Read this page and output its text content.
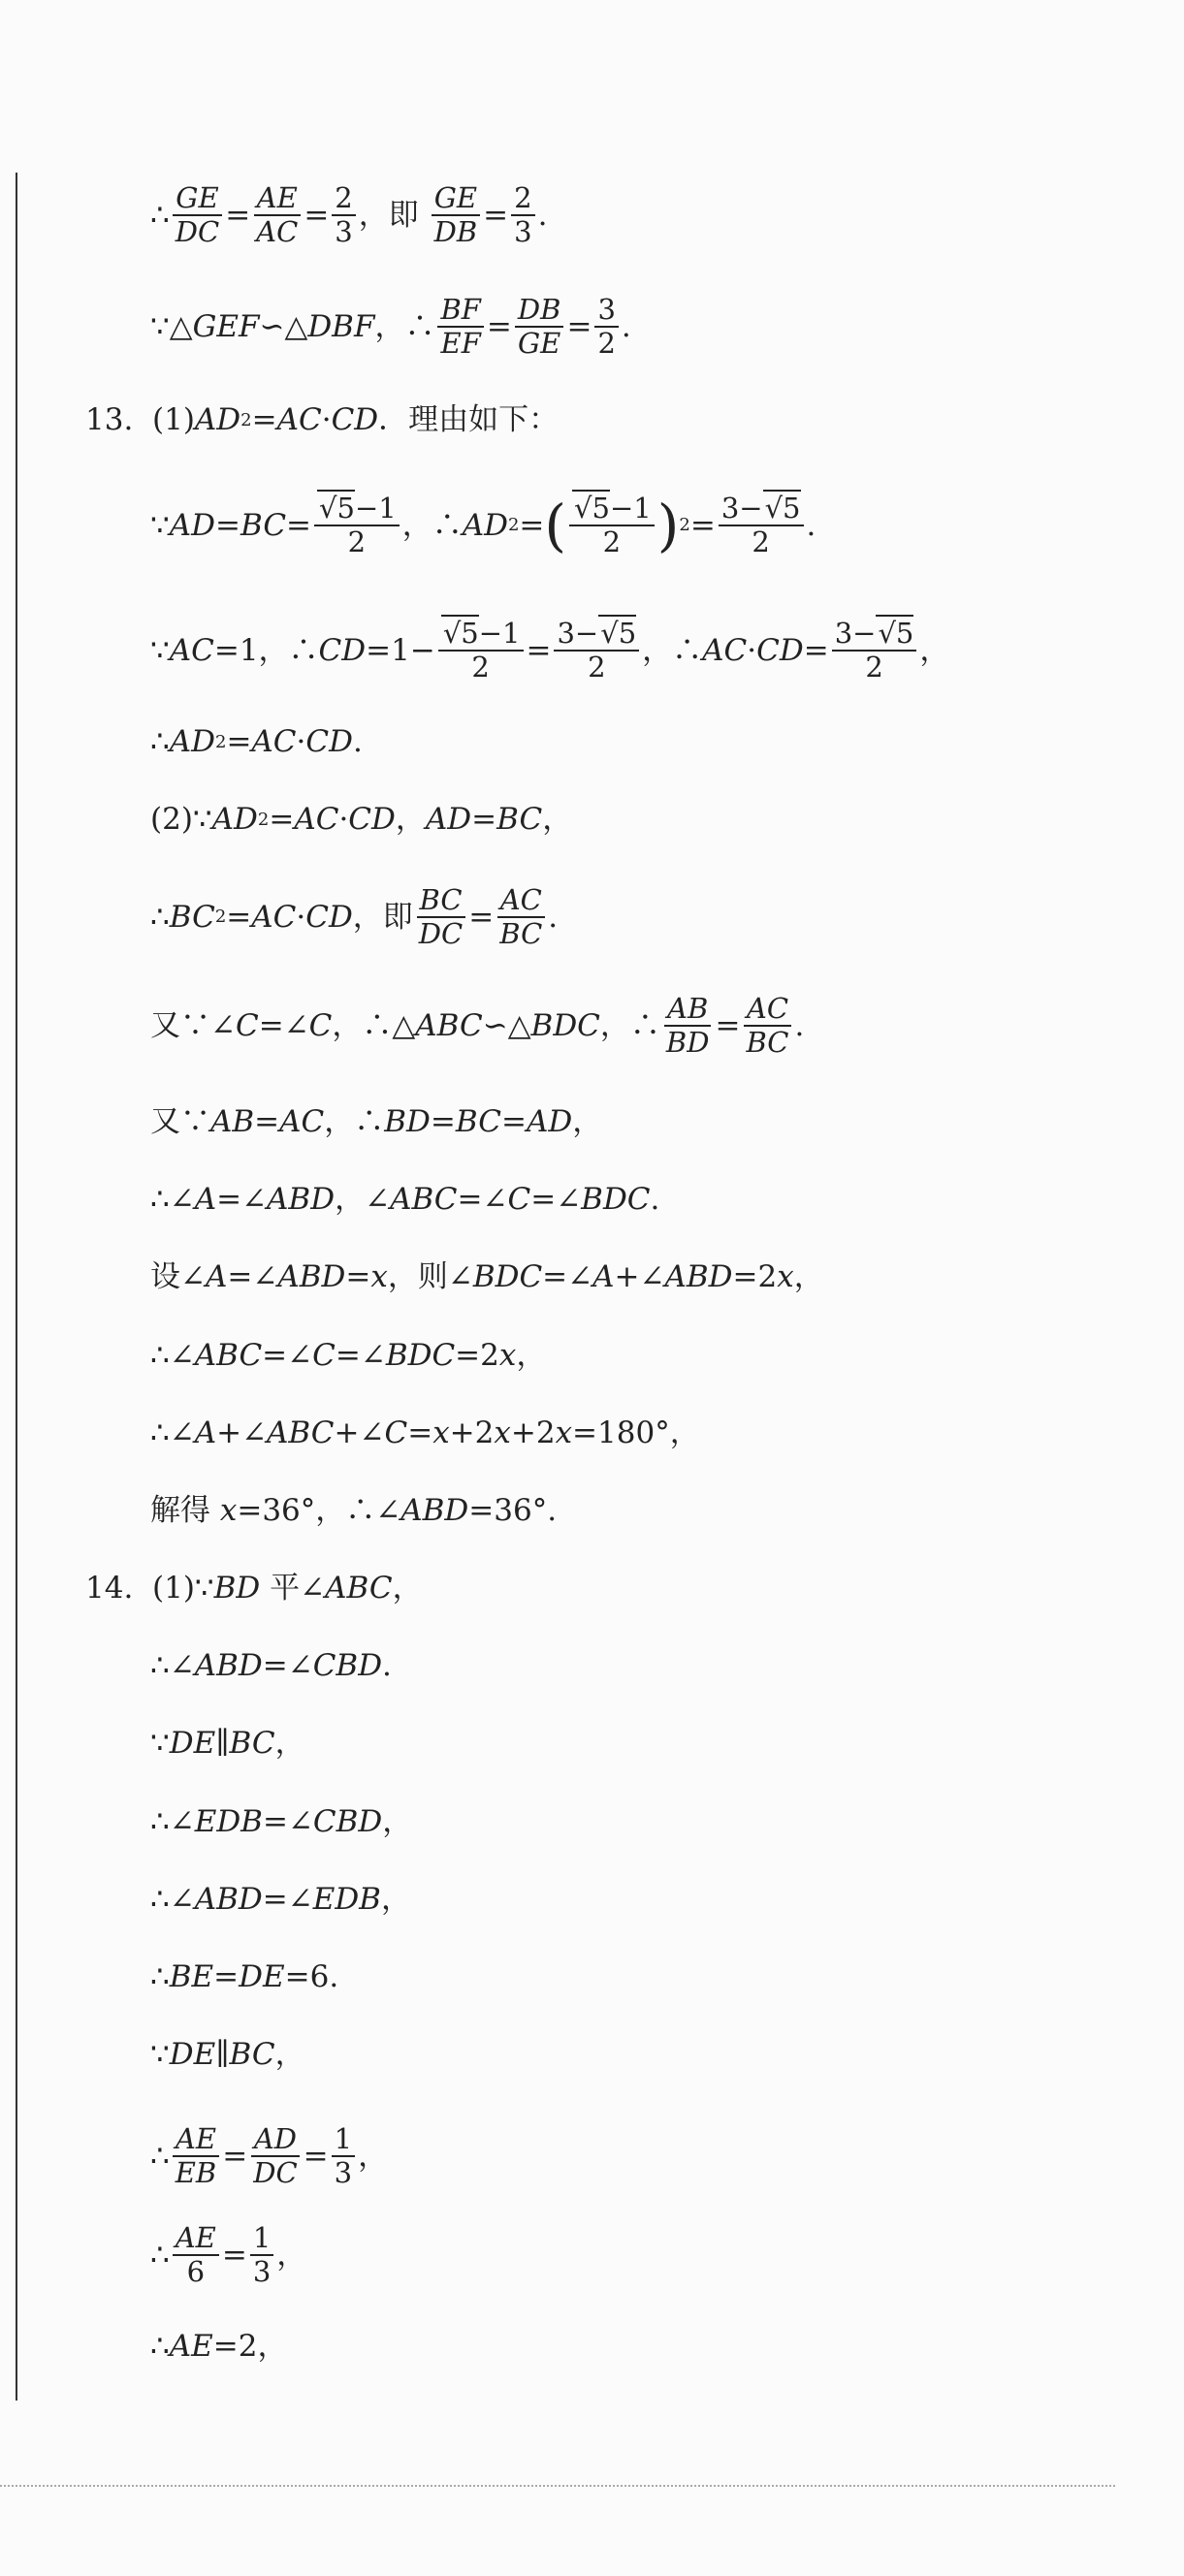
∴ $\frac{GE}{DC} = \frac{AE}{AC} = \frac{2}{3}$ ，即 $\frac{GE}{DB} = \frac{2}{3}$ .
∵△ GEF ∽△ DBF ，∴ $\frac{BF}{EF} = \frac{DB}{GE} = \frac{3}{2}$ .
13.  (1) AD 2 = AC · CD ．理由如下：
∵ AD = BC = $\frac{√5-1}{2}$ ，∴ AD 2 = ( $\frac{√5-1}{2}$ ) $2 = \frac{3-√5}{2}$ .
∵ AC =1，∴ CD $=1- \frac{√5-1}{2} = \frac{3-√5}{2}$ ，∴ AC · CD = $\frac{3-√5}{2}$ ，
∴ AD 2 = AC · CD .
(2)∵ AD 2 = AC · CD ， AD = BC ，
∴ BC 2 = AC · CD ，即 $\frac{BC}{DC} = \frac{AC}{BC}$ .
又∵∠ C =∠ C ，∴△ ABC ∽△ BDC ，∴ $\frac{AB}{BD} = \frac{AC}{BC}$ .
又∵ AB = AC ，∴ BD = BC = AD ，
∴∠ A =∠ ABD ，∠ ABC =∠ C =∠ BDC .
设∠ A =∠ ABD = x ，则∠ BDC =∠ A +∠ ABD =2 x ，
∴∠ ABC =∠ C =∠ BDC =2 x ，
∴∠ A +∠ ABC +∠ C = x +2 x +2 x =180°，
解得 x =36°，∴∠ ABD =36°.
14.  (1)∵ BD 平∠ ABC ，
∴∠ ABD =∠ CBD .
∵ DE ∥ BC ，
∴∠ EDB =∠ CBD ，
∴∠ ABD =∠ EDB ，
∴ BE = DE =6.
∵ DE ∥ BC ，
∴ $\frac{AE}{EB} = \frac{AD}{DC} = \frac{1}{3}$ ，
∴ $\frac{AE}{6} = \frac{1}{3}$ ，
∴ AE =2，
